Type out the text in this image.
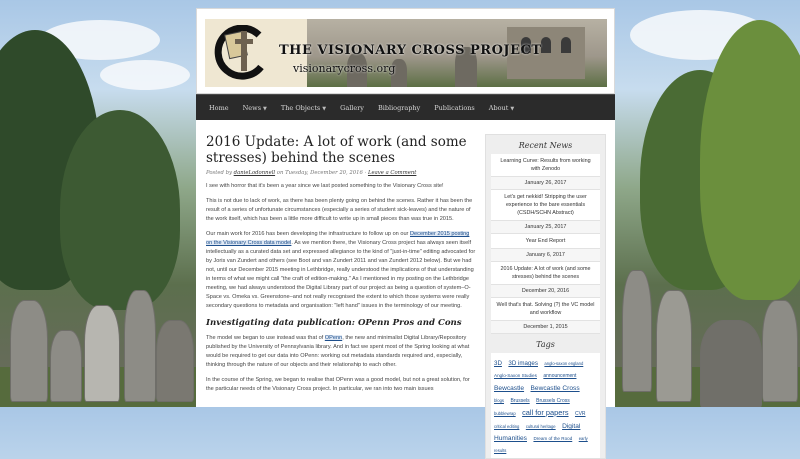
THE VISIONARY CROSS PROJECT
visionarycross.org
Home	News ▼	The Objects ▼	Gallery	Bibliography	Publications	About ▼
2016 Update: A lot of work (and some stresses) behind the scenes
Posted by danieLodonnell on Tuesday, December 20, 2016 · Leave a Comment

I see with horror that it's been a year since we last posted something to the Visionary Cross site!

This is not due to lack of work, as there has been plenty going on behind the scenes. Rather it has been the result of a series of unfortunate circumstances (especially a series of student sick-leaves) and the nature of the work itself, which has been a little more difficult to write up in small pieces than was true in 2015.

Our main work for 2016 has been developing the infrastructure to follow up on our December 2015 posting on the Visionary Cross data model. As we mention there, the Visionary Cross project has always seen itself intellectually as a curated data set and expressed allegiance to the kind of "just-in-time" editing advocated for by Joris van Zundert and others (see Boot and van Zundert 2011 and van Zundert 2012 below). But we had not, until our December 2015 meeting in Lethbridge, really understood the implications of that understanding in terms of what we might call "the craft of edition-making." As I mentioned in my posting on the Lethbridge meeting, we had always understood the Digital Library part of our project as being a question of system–O-Space vs. Omeka vs. Greenstone–and not really recognised the extent to which those systems were really secondary questions to metadata and organisation: "left hand" issues in the terminology of our meeting.

Investigating data publication: OPenn Pros and Cons

The model we began to use instead was that of OPenn, the new and minimalist Digital Library/Repository published by the University of Pennsylvania library. And in fact we spent most of the Spring looking at what would be required to get our data into OPenn: working out metadata standards required and, especially, thinking through the nature of our objects and their relationship to each other.

In the course of the Spring, we began to realise that OPenn was a good model, but not a great solution, for the particular needs of the Visionary Cross project. In particular, we ran into two main issues

Recent News
Learning Curve: Results from working with Zenodo
January 26, 2017
Let's get nekkid! Stripping the user experience to the bare essentials (CSDH/SCHN Abstract)
January 25, 2017
Year End Report
January 6, 2017
2016 Update: A lot of work (and some stresses) behind the scenes
December 20, 2016
Well that's that. Solving (?) the VC model and workflow
December 1, 2015
Tags
3D 3D images anglo-saxon england Anglo-Saxon Studies announcement Bewcastle Bewcastle Cross blogs Brussels Brussels Cross bubblewrap call for papers CVR critical editing cultural heritage Digital Humanities Dream of the Rood early results
